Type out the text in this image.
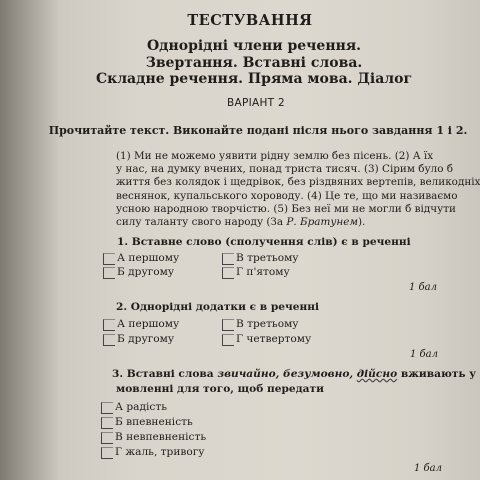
ТЕСТУВАННЯ
Однорідні члени речення.
Звертання. Вставні слова.
Складне речення. Пряма мова. Діалог
ВАРІАНТ 2
Прочитайте текст. Виконайте подані після нього завдання 1 і 2.
(1) Ми не можемо уявити рідну землю без пісень. (2) А їх
у нас, на думку вчених, понад триста тисяч. (3) Сірим було б
життя без колядок і щедрівок, без різдвяних вертепів, великодніх
веснянок, купальського хороводу. (4) Це те, що ми називаємо
усною народною творчістю. (5) Без неї ми не могли б відчути
силу таланту свого народу (За Р. Братунем).
1. Вставне слово (сполучення слів) є в реченні
А першому
Б другому
В третьому
Г п'ятому
1 бал
2. Однорідні додатки є в реченні
А першому
Б другому
В третьому
Г четвертому
1 бал
3. Вставні слова звичайно, безумовно, дійсно вживають у
мовленні для того, щоб передати
А радість
Б впевненість
В невпевненість
Г жаль, тривогу
1 бал
